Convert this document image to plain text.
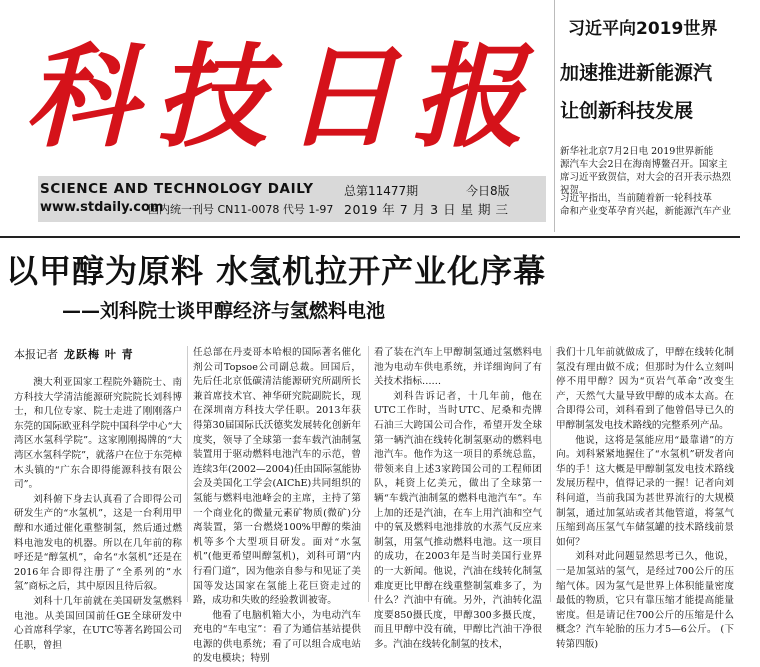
科 技 日 报
SCIENCE AND TECHNOLOGY DAILY
www.stdaily.com
国内统一刊号 CN11-0078 代号 1-97
总第11477期	今日8版
2019 年 7 月 3 日 星 期 三
习近平向2019世界
加速推进新能源汽
让创新科技发展
新华社北京7月2日电 2019世界新能
源汽车大会2日在海南博鳌召开。国家主
席习近平致贺信，对大会的召开表示热烈
祝贺。
习近平指出，当前随着新一轮科技革
命和产业变革孕育兴起，新能源汽车产业
以甲醇为原料 水氢机拉开产业化序幕
——刘科院士谈甲醇经济与氢燃料电池
本报记者 龙跃梅 叶 青

澳大利亚国家工程院外籍院士、南方科技大学清洁能源研究院院长刘科博士，和几位专家、院士走进了刚刚落户东莞的国际欧亚科学院中国科学中心“大湾区水氢科学院”。这家刚刚揭牌的“大湾区水氢科学院”，就落户在位于东莞樟木头镇的“广东合即得能源科技有限公司”。

刘科俯下身去认真看了合即得公司研发生产的“水氢机”，这是一台利用甲醇和水通过催化重整制氢，然后通过燃料电池发电的机器。所以在几年前的称呼还是“醇氢机”，命名“水氢机”还是在2016年合即得注册了“全系列的”水氢”商标之后，其中原因且待后叙。

刘科十几年前就在美国研发氢燃料电池。从美国回国前任GE全球研发中心首席科学家，在UTC等著名跨国公司任职，曾担

任总部在丹麦哥本哈根的国际著名催化剂公司Topsoe公司副总裁。回国后，先后任北京低碳清洁能源研究所副所长兼首席技术官、神华研究院副院长，现在深圳南方科技大学任职。2013年获得第30届国际氏沃德奖发展转化创新年度奖，领导了全球第一套车载汽油制氢装置用于驱动燃料电池汽车的示范，曾连续3年(2002—2004)任由国际氢能协会及美国化工学会(AIChE)共同组织的氢能与燃料电池峰会的主席，主持了第一个商业化的微量元素矿物质(微矿)分离装置，第一台燃烧100%甲醇的柴油机等多个大型项目研发。面对“水氢机”(他更希望叫醇氢机)，刘科可谓“内行看门道”，因为他亲自参与和见证了美国等发达国家在氢能上花巨资走过的路，成功和失败的经验教训被寄。

他看了电脑机箱大小，为电动汽车充电的“车电宝”：看了为通信基站提供电源的供电系统；看了可以组合成电站的发电模块；特别

看了装在汽车上甲醇制氢通过氢燃料电池为电动车供电系统，并详细询问了有关技术指标……

刘科告诉记者，十几年前，他在UTC工作时，当时UTC、尼桑和壳牌石油三大跨国公司合作，希望开发全球第一辆汽油在线转化制氢驱动的燃料电池汽车。他作为这一项目的系统总监，带领来自上述3家跨国公司的工程师团队，耗资上亿美元，做出了全球第一辆“车载汽油制氢的燃料电池汽车”。车上加的还是汽油，在车上用汽油和空气中的氧及燃料电池排放的水蒸气反应来制氢，用氢气推动燃料电池。这一项目的成功，在2003年是当时美国行业界的一大新闻。他说，汽油在线转化制氢难度更比甲醇在线重整制氢难多了，为什么？汽油中有硫。另外，汽油转化温度要850摄氏度，甲醇300多摄氏度，而且甲醇中没有硫，甲醇比汽油干净很多。汽油在线转化制氢的技术，

我们十几年前就做成了，甲醇在线转化制氢没有理由做不成；但那时为什么立刻叫停不用甲醇？因为“页岩气革命”改变生产，天然气大量导致甲醇的成本太高。在合即得公司，刘科看到了他曾倡导已久的甲醇制氢发电技术路线的完整系列产品。

他说，这将是氢能应用“最靠谱”的方向。刘科紧紧地握住了“水氢机”研发者向华的手！这大概是甲醇制氢发电技术路线发展历程中，值得记录的一握！记者向刘科问道，当前我国为甚世界流行的大规模制氢，通过加氢站或者其他管道，将氢气压缩到高压氢气车储氢罐的技术路线前景如何？

刘科对此问题显然思考已久，他说，一是加氢站的氢气，是经过700公斤的压缩气体。因为氢气是世界上体积能量密度最低的物质，它只有靠压缩才能提高能量密度。但是请记住700公斤的压缩是什么概念？汽车轮胎的压力才5—6公斤。 (下转第四版)
